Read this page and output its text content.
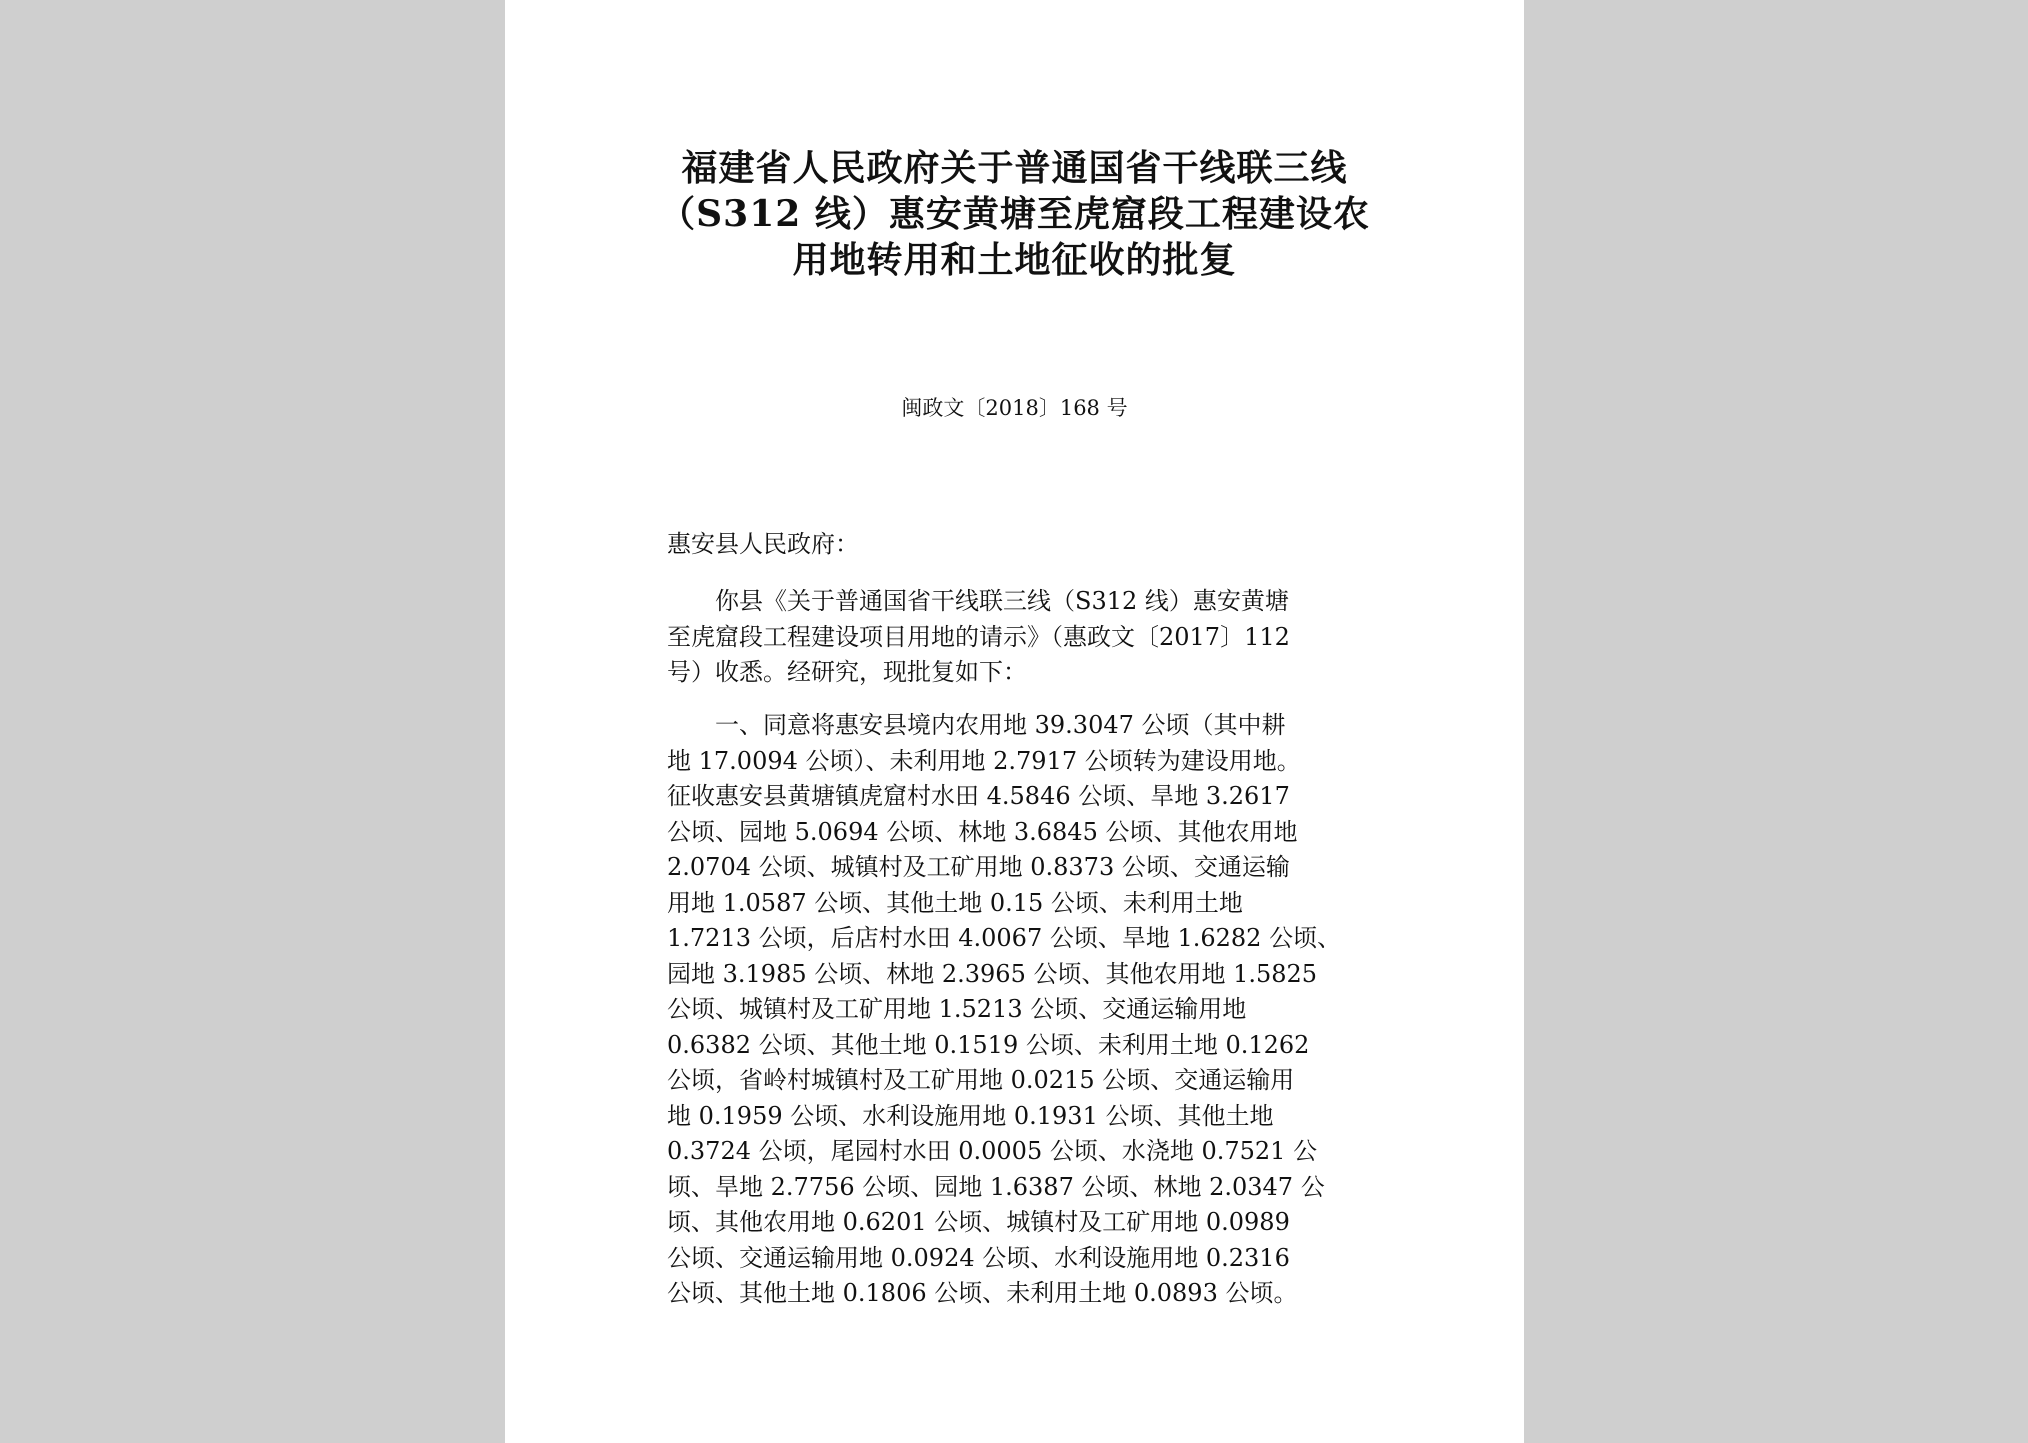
福建省人民政府关于普通国省干线联三线
（S312 线）惠安黄塘至虎窟段工程建设农
用地转用和土地征收的批复
闽政文〔2018〕168 号
惠安县人民政府：
　　你县《关于普通国省干线联三线（S312 线）惠安黄塘
至虎窟段工程建设项目用地的请示》（惠政文〔2017〕112
号）收悉。经研究，现批复如下：
　　一、同意将惠安县境内农用地 39.3047 公顷（其中耕
地 17.0094 公顷）、未利用地 2.7917 公顷转为建设用地。
征收惠安县黄塘镇虎窟村水田 4.5846 公顷、旱地 3.2617
公顷、园地 5.0694 公顷、林地 3.6845 公顷、其他农用地
2.0704 公顷、城镇村及工矿用地 0.8373 公顷、交通运输
用地 1.0587 公顷、其他土地 0.15 公顷、未利用土地
1.7213 公顷，后店村水田 4.0067 公顷、旱地 1.6282 公顷、
园地 3.1985 公顷、林地 2.3965 公顷、其他农用地 1.5825
公顷、城镇村及工矿用地 1.5213 公顷、交通运输用地
0.6382 公顷、其他土地 0.1519 公顷、未利用土地 0.1262
公顷，省岭村城镇村及工矿用地 0.0215 公顷、交通运输用
地 0.1959 公顷、水利设施用地 0.1931 公顷、其他土地
0.3724 公顷，尾园村水田 0.0005 公顷、水浇地 0.7521 公
顷、旱地 2.7756 公顷、园地 1.6387 公顷、林地 2.0347 公
顷、其他农用地 0.6201 公顷、城镇村及工矿用地 0.0989
公顷、交通运输用地 0.0924 公顷、水利设施用地 0.2316
公顷、其他土地 0.1806 公顷、未利用土地 0.0893 公顷。
